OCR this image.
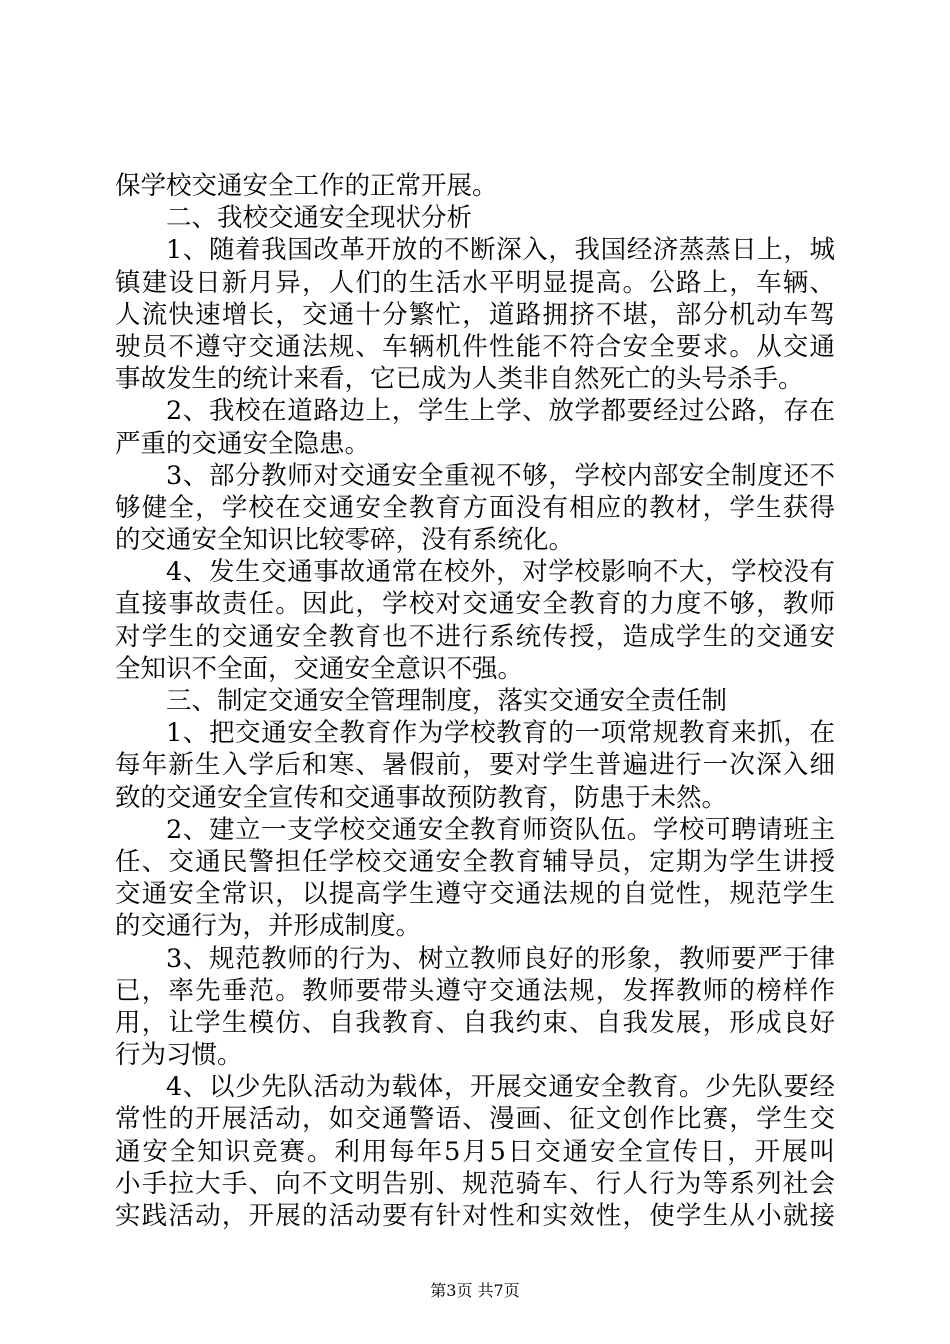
保学校交通安全工作的正常开展。
二、我校交通安全现状分析
1、随着我国改革开放的不断深入，我国经济蒸蒸日上，城
镇建设日新月异，人们的生活水平明显提高。公路上，车辆、
人流快速增长，交通十分繁忙，道路拥挤不堪，部分机动车驾
驶员不遵守交通法规、车辆机件性能不符合安全要求。从交通
事故发生的统计来看，它已成为人类非自然死亡的头号杀手。
2、我校在道路边上，学生上学、放学都要经过公路，存在
严重的交通安全隐患。
3、部分教师对交通安全重视不够，学校内部安全制度还不
够健全，学校在交通安全教育方面没有相应的教材，学生获得
的交通安全知识比较零碎，没有系统化。
4、发生交通事故通常在校外，对学校影响不大，学校没有
直接事故责任。因此，学校对交通安全教育的力度不够，教师
对学生的交通安全教育也不进行系统传授，造成学生的交通安
全知识不全面，交通安全意识不强。
三、制定交通安全管理制度，落实交通安全责任制
1、把交通安全教育作为学校教育的一项常规教育来抓，在
每年新生入学后和寒、暑假前，要对学生普遍进行一次深入细
致的交通安全宣传和交通事故预防教育，防患于未然。
2、建立一支学校交通安全教育师资队伍。学校可聘请班主
任、交通民警担任学校交通安全教育辅导员，定期为学生讲授
交通安全常识，以提高学生遵守交通法规的自觉性，规范学生
的交通行为，并形成制度。
3、规范教师的行为、树立教师良好的形象，教师要严于律
已，率先垂范。教师要带头遵守交通法规，发挥教师的榜样作
用，让学生模仿、自我教育、自我约束、自我发展，形成良好
行为习惯。
4、以少先队活动为载体，开展交通安全教育。少先队要经
常性的开展活动，如交通警语、漫画、征文创作比赛，学生交
通安全知识竞赛。利用每年5月5日交通安全宣传日，开展叫
小手拉大手、向不文明告别、规范骑车、行人行为等系列社会
实践活动，开展的活动要有针对性和实效性，使学生从小就接
第3页 共7页
